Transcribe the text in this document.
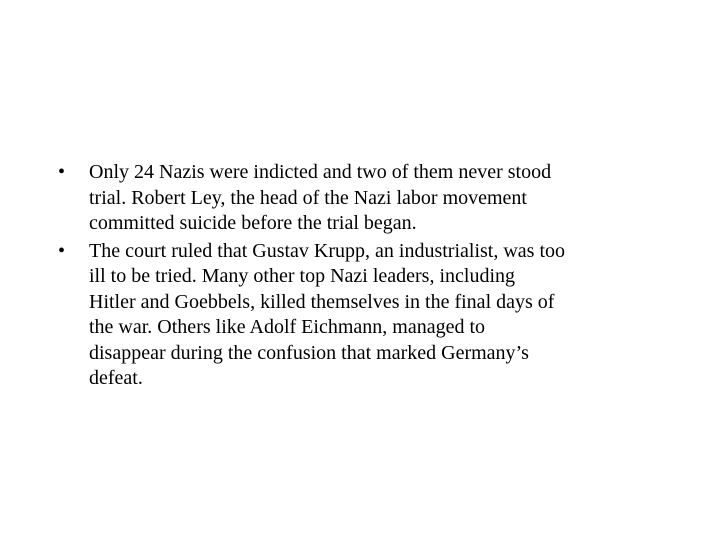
•	Only 24 Nazis were indicted and two of them never stood
trial. Robert Ley, the head of the Nazi labor movement
committed suicide before the trial began.
•	The court ruled that Gustav Krupp, an industrialist, was too
ill to be tried. Many other top Nazi leaders, including
Hitler and Goebbels, killed themselves in the final days of
the war. Others like Adolf Eichmann, managed to
disappear during the confusion that marked Germany’s
defeat.
